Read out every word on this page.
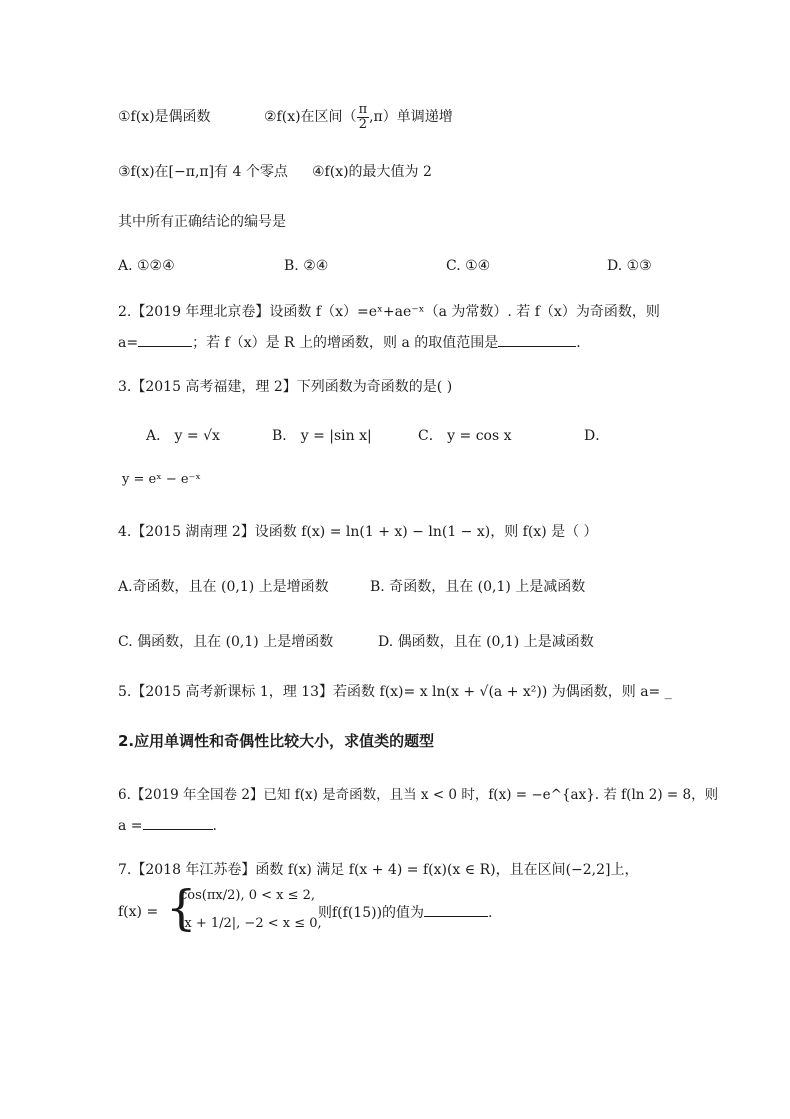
①f(x)是偶函数	②f(x)在区间（ $\frac{\pi}{2} ,\pi$）单调递增
③f(x)在[−π,π]有 4 个零点 ④f(x)的最大值为 2
其中所有正确结论的编号是
A. ①②④	B. ②④	C. ①④	D. ①③
2.【2019 年理北京卷】设函数 f（x）=eˣ+ae⁻ˣ（a 为常数）. 若 f（x）为奇函数，则
a=	；若 f（x）是 R 上的增函数，则 a 的取值范围是	.
3.【2015 高考福建，理 2】下列函数为奇函数的是( )
A． y = √x	B． y = |sin x|	C． y = cos x	D．
y = eˣ − e⁻ˣ
4.【2015 湖南理 2】设函数 f(x) = ln(1 + x) − ln(1 − x)，则 f(x) 是（ ）
A.奇函数，且在 (0,1) 上是增函数	B. 奇函数，且在 (0,1) 上是减函数
C. 偶函数，且在 (0,1) 上是增函数	D. 偶函数，且在 (0,1) 上是减函数
5.【2015 高考新课标 1，理 13】若函数 f(x)= x ln(x + √(a + x²)) 为偶函数，则 a= _
2.应用单调性和奇偶性比较大小，求值类的题型
6.【2019 年全国卷 2】已知 f(x) 是奇函数，且当 x < 0 时，f(x) = −e^{ax}. 若 f(ln 2) = 8，则
a =	.
7.【2018 年江苏卷】函数 f(x) 满足 f(x + 4) = f(x)(x ∈ R)，且在区间(−2,2]上，
f(x) = {
cos(πx/2), 0 < x ≤ 2,
|x + 1/2|, −2 < x ≤ 0,
则f(f(15))的值为	.
